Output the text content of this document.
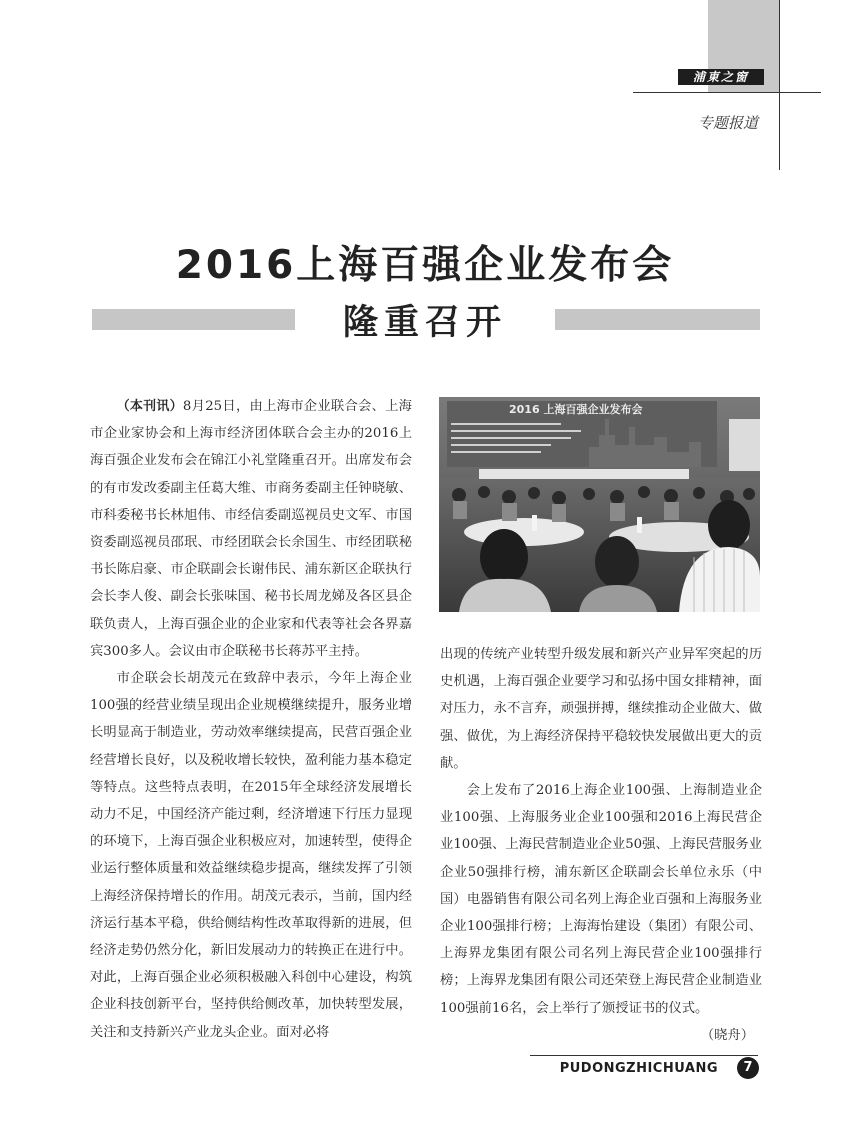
浦東之窗
专题报道
2016上海百强企业发布会
隆重召开

（本刊讯）8月25日，由上海市企业联合会、上海市企业家协会和上海市经济团体联合会主办的2016上海百强企业发布会在锦江小礼堂隆重召开。出席发布会的有市发改委副主任葛大维、市商务委副主任钟晓敏、市科委秘书长林旭伟、市经信委副巡视员史文军、市国资委副巡视员邵珉、市经团联会长余国生、市经团联秘书长陈启豪、市企联副会长谢伟民、浦东新区企联执行会长李人俊、副会长张味国、秘书长周龙娣及各区县企联负责人，上海百强企业的企业家和代表等社会各界嘉宾300多人。会议由市企联秘书长蒋苏平主持。

市企联会长胡茂元在致辞中表示，今年上海企业100强的经营业绩呈现出企业规模继续提升，服务业增长明显高于制造业，劳动效率继续提高，民营百强企业经营增长良好，以及税收增长较快，盈利能力基本稳定等特点。这些特点表明，在2015年全球经济发展增长动力不足，中国经济产能过剩，经济增速下行压力显现的环境下，上海百强企业积极应对，加速转型，使得企业运行整体质量和效益继续稳步提高，继续发挥了引领上海经济保持增长的作用。胡茂元表示，当前，国内经济运行基本平稳，供给侧结构性改革取得新的进展，但经济走势仍然分化，新旧发展动力的转换正在进行中。对此，上海百强企业必须积极融入科创中心建设，构筑企业科技创新平台，坚持供给侧改革，加快转型发展，关注和支持新兴产业龙头企业。面对必将

2016 上海百强企业发布会

出现的传统产业转型升级发展和新兴产业异军突起的历史机遇，上海百强企业要学习和弘扬中国女排精神，面对压力，永不言弃，顽强拼搏，继续推动企业做大、做强、做优，为上海经济保持平稳较快发展做出更大的贡献。

会上发布了2016上海企业100强、上海制造业企业100强、上海服务业企业100强和2016上海民营企业100强、上海民营制造业企业50强、上海民营服务业企业50强排行榜，浦东新区企联副会长单位永乐（中国）电器销售有限公司名列上海企业百强和上海服务业企业100强排行榜；上海海怡建设（集团）有限公司、上海界龙集团有限公司名列上海民营企业100强排行榜；上海界龙集团有限公司还荣登上海民营企业制造业100强前16名，会上举行了颁授证书的仪式。

（晓舟）

PUDONGZHICHUANG	7
